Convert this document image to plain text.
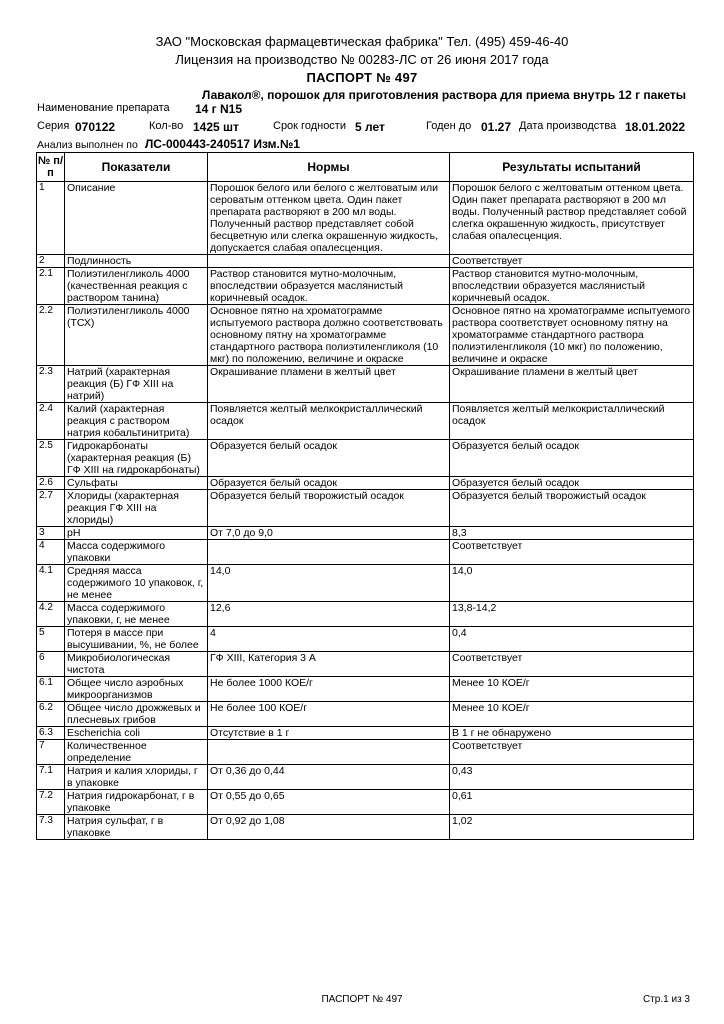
ЗАО "Московская фармацевтическая фабрика" Тел. (495) 459-46-40
Лицензия на производство № 00283-ЛС от 26 июня 2017 года
ПАСПОРТ № 497
Лавакол®, порошок для приготовления раствора для приема внутрь 12 г пакеты
Наименование препарата 14 г N15
Серия 070122	Кол-во 1425 шт	Срок годности 5 лет	Годен до 01.27 Дата производства 18.01.2022
Анализ выполнен по ЛС-000443-240517 Изм.№1
№ п/п	Показатели	Нормы	Результаты испытаний
1	Описание	Порошок белого или белого с желтоватым или сероватым оттенком цвета. Один пакет препарата растворяют в 200 мл воды. Полученный раствор представляет собой бесцветную или слегка окрашенную жидкость, допускается слабая опалесценция.	Порошок белого с желтоватым оттенком цвета. Один пакет препарата растворяют в 200 мл воды. Полученный раствор представляет собой слегка окрашенную жидкость, присутствует слабая опалесценция.
2	Подлинность		Соответствует
2.1	Полиэтиленгликоль 4000 (качественная реакция с раствором танина)	Раствор становится мутно-молочным, впоследствии образуется маслянистый коричневый осадок.	Раствор становится мутно-молочным, впоследствии образуется маслянистый коричневый осадок.
2.2	Полиэтиленгликоль 4000 (ТСХ)	Основное пятно на хроматограмме испытуемого раствора должно соответствовать основному пятну на хроматограмме стандартного раствора полиэтиленгликоля (10 мкг) по положению, величине и окраске	Основное пятно на хроматограмме испытуемого раствора соответствует основному пятну на хроматограмме стандартного раствора полиэтиленгликоля (10 мкг) по положению, величине и окраске
2.3	Натрий (характерная реакция (Б) ГФ XIII на натрий)	Окрашивание пламени в желтый цвет	Окрашивание пламени в желтый цвет
2.4	Калий (характерная реакция с раствором натрия кобальтинитрита)	Появляется желтый мелкокристаллический осадок	Появляется желтый мелкокристаллический осадок
2.5	Гидрокарбонаты (характерная реакция (Б) ГФ XIII на гидрокарбонаты)	Образуется белый осадок	Образуется белый осадок
2.6	Сульфаты	Образуется белый осадок	Образуется белый осадок
2.7	Хлориды (характерная реакция ГФ XIII на хлориды)	Образуется белый творожистый осадок	Образуется белый творожистый осадок
3	pH	От 7,0 до 9,0	8,3
4	Масса содержимого упаковки		Соответствует
4.1	Средняя масса содержимого 10 упаковок, г, не менее	14,0	14,0
4.2	Масса содержимого упаковки, г, не менее	12,6	13,8-14,2
5	Потеря в массе при высушивании, %, не более	4	0,4
6	Микробиологическая чистота	ГФ XIII, Категория 3 А	Соответствует
6.1	Общее число аэробных микроорганизмов	Не более 1000 КОЕ/г	Менее 10 КОЕ/г
6.2	Общее число дрожжевых и плесневых грибов	Не более 100 КОЕ/г	Менее 10 КОЕ/г
6.3	Escherichia coli	Отсутствие в 1 г	В 1 г не обнаружено
7	Количественное определение		Соответствует
7.1	Натрия и калия хлориды, г в упаковке	От 0,36 до 0,44	0,43
7.2	Натрия гидрокарбонат, г в упаковке	От 0,55 до 0,65	0,61
7.3	Натрия сульфат, г в упаковке	От 0,92 до 1,08	1,02
ПАСПОРТ № 497	Стр.1 из 3
